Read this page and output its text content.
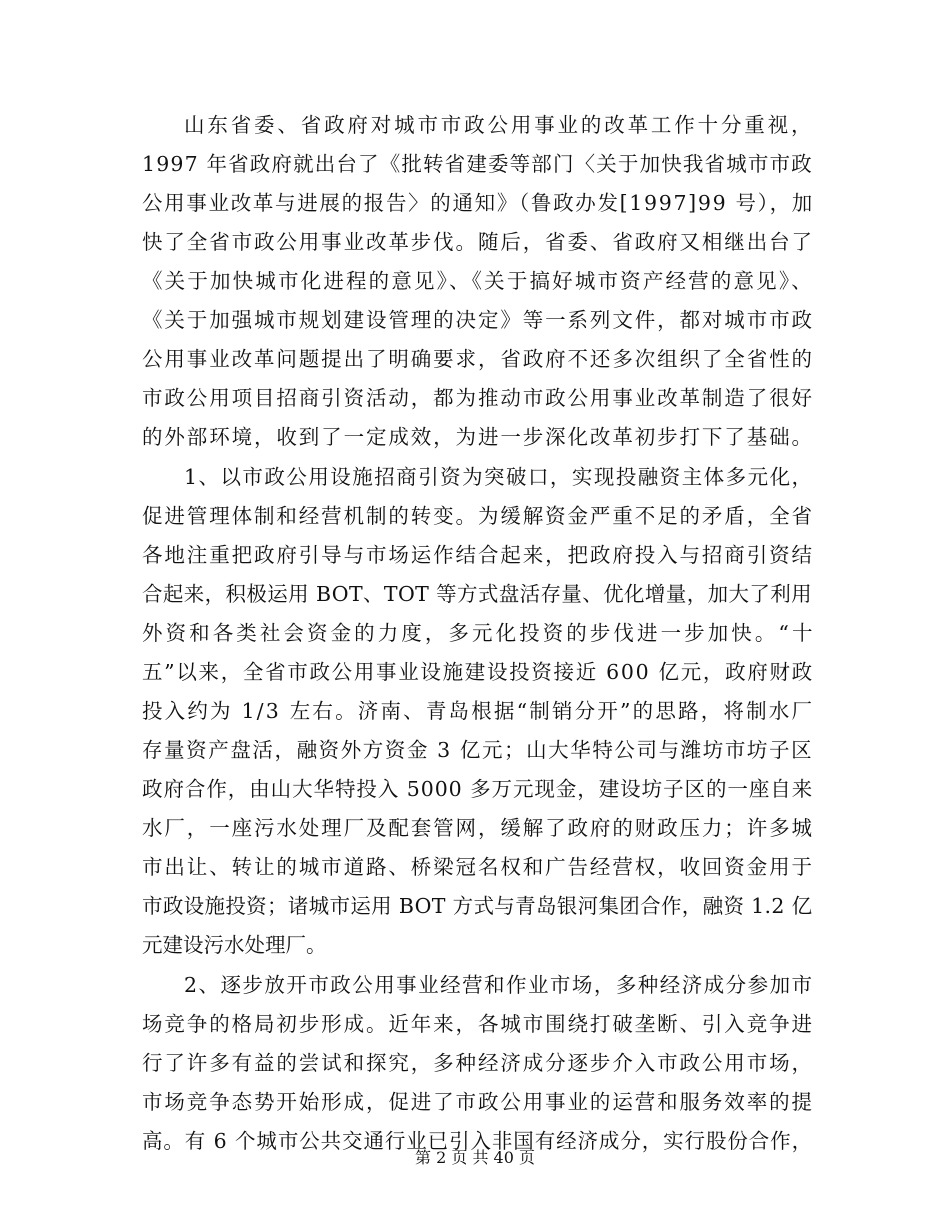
山东省委、省政府对城市市政公用事业的改革工作十分重视，
1997 年省政府就出台了《批转省建委等部门〈关于加快我省城市市政
公用事业改革与进展的报告〉的通知》（鲁政办发[1997]99 号），加
快了全省市政公用事业改革步伐。随后，省委、省政府又相继出台了
《关于加快城市化进程的意见》、《关于搞好城市资产经营的意见》、
《关于加强城市规划建设管理的决定》等一系列文件，都对城市市政
公用事业改革问题提出了明确要求，省政府不还多次组织了全省性的
市政公用项目招商引资活动，都为推动市政公用事业改革制造了很好
的外部环境，收到了一定成效，为进一步深化改革初步打下了基础。
1、以市政公用设施招商引资为突破口，实现投融资主体多元化，
促进管理体制和经营机制的转变。为缓解资金严重不足的矛盾，全省
各地注重把政府引导与市场运作结合起来，把政府投入与招商引资结
合起来，积极运用 BOT、TOT 等方式盘活存量、优化增量，加大了利用
外资和各类社会资金的力度，多元化投资的步伐进一步加快。“十
五”以来，全省市政公用事业设施建设投资接近 600 亿元，政府财政
投入约为 1/3 左右。济南、青岛根据“制销分开”的思路，将制水厂
存量资产盘活，融资外方资金 3 亿元；山大华特公司与潍坊市坊子区
政府合作，由山大华特投入 5000 多万元现金，建设坊子区的一座自来
水厂，一座污水处理厂及配套管网，缓解了政府的财政压力；许多城
市出让、转让的城市道路、桥梁冠名权和广告经营权，收回资金用于
市政设施投资；诸城市运用 BOT 方式与青岛银河集团合作，融资 1.2 亿
元建设污水处理厂。
2、逐步放开市政公用事业经营和作业市场，多种经济成分参加市
场竞争的格局初步形成。近年来，各城市围绕打破垄断、引入竞争进
行了许多有益的尝试和探究，多种经济成分逐步介入市政公用市场，
市场竞争态势开始形成，促进了市政公用事业的运营和服务效率的提
高。有 6 个城市公共交通行业已引入非国有经济成分，实行股份合作，
第 2 页 共 40 页
